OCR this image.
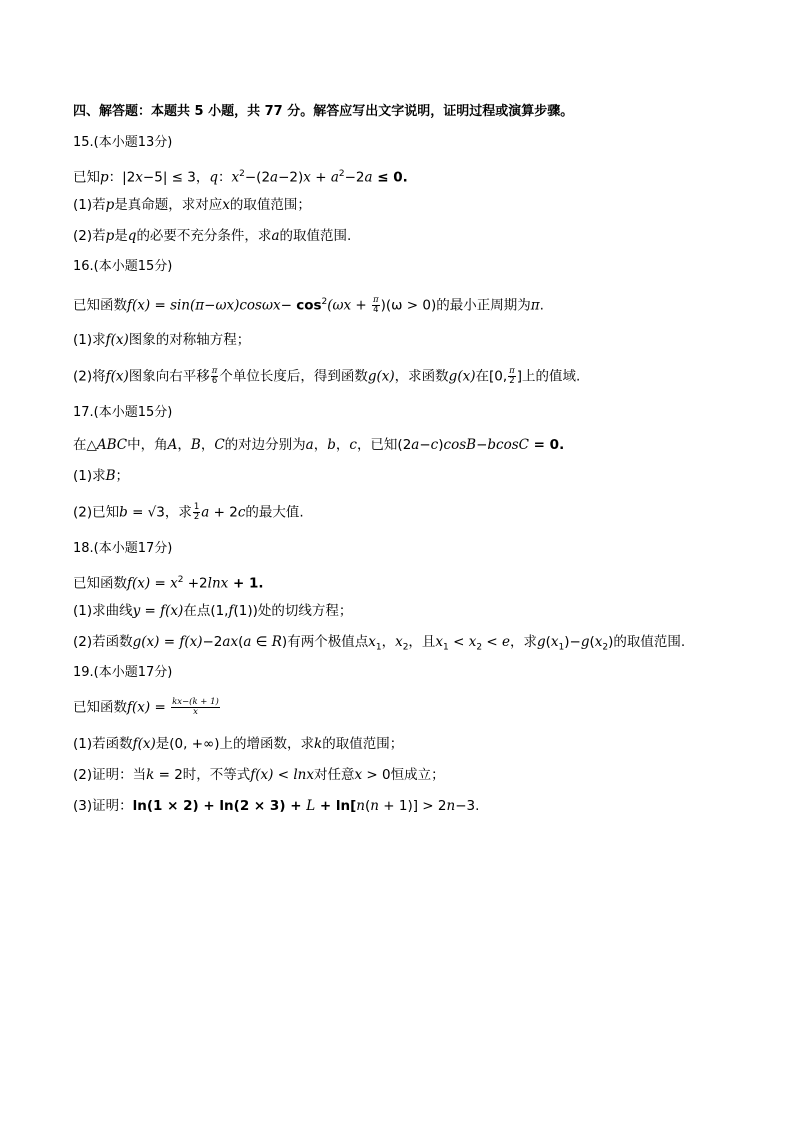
四、解答题：本题共 5 小题，共 77 分。解答应写出文字说明，证明过程或演算步骤。
15.(本小题13分)
已知p：|2x−5| ≤ 3，q：$x^2-(2a-2)x + a^2-2a \le 0$.
(1)若p是真命题，求对应x的取值范围；
(2)若p是q的必要不充分条件，求a的取值范围.
16.(本小题15分)
已知函数$f(x) = \sin(\pi-\omega x)\cos\omega x- \cos^2(\omega x + \frac{\pi}{4} )(\omega > 0)$的最小正周期为π.
(1)求f(x)图象的对称轴方程；
(2)将f(x)图象向右平移 $\frac{\pi}{6}$ 个单位长度后，得到函数g(x)，求函数g(x)在[0, $\frac{\pi}{2}$ ]上的值域.
17.(本小题15分)
在△ABC中，角A，B，C的对边分别为a，b，c，已知(2a−c)cosB−bcosC = 0.
(1)求B；
(2)已知b = √3，求 $\frac{1}{2}$ a + 2c的最大值.
18.(本小题17分)
已知函数$f(x) = x^2 +2\ln x + 1$.
(1)求曲线y = f(x)在点(1,f(1))处的切线方程；
(2)若函数g(x) = f(x)−2ax(a ∈ R)有两个极值点$x_1$，$x_2$，且$x_1 < x_2 < e$，求$g(x_1)-g(x_2)$的取值范围.
19.(本小题17分)
已知函数$f(x) = \frac{kx-(k + 1)}{x}$
(1)若函数f(x)是(0, +∞)上的增函数，求k的取值范围；
(2)证明：当k = 2时，不等式f(x) < lnx对任意x > 0恒成立；
(3)证明：ln(1 × 2) + ln(2 × 3) + L + ln[n(n + 1)] > 2n−3.
